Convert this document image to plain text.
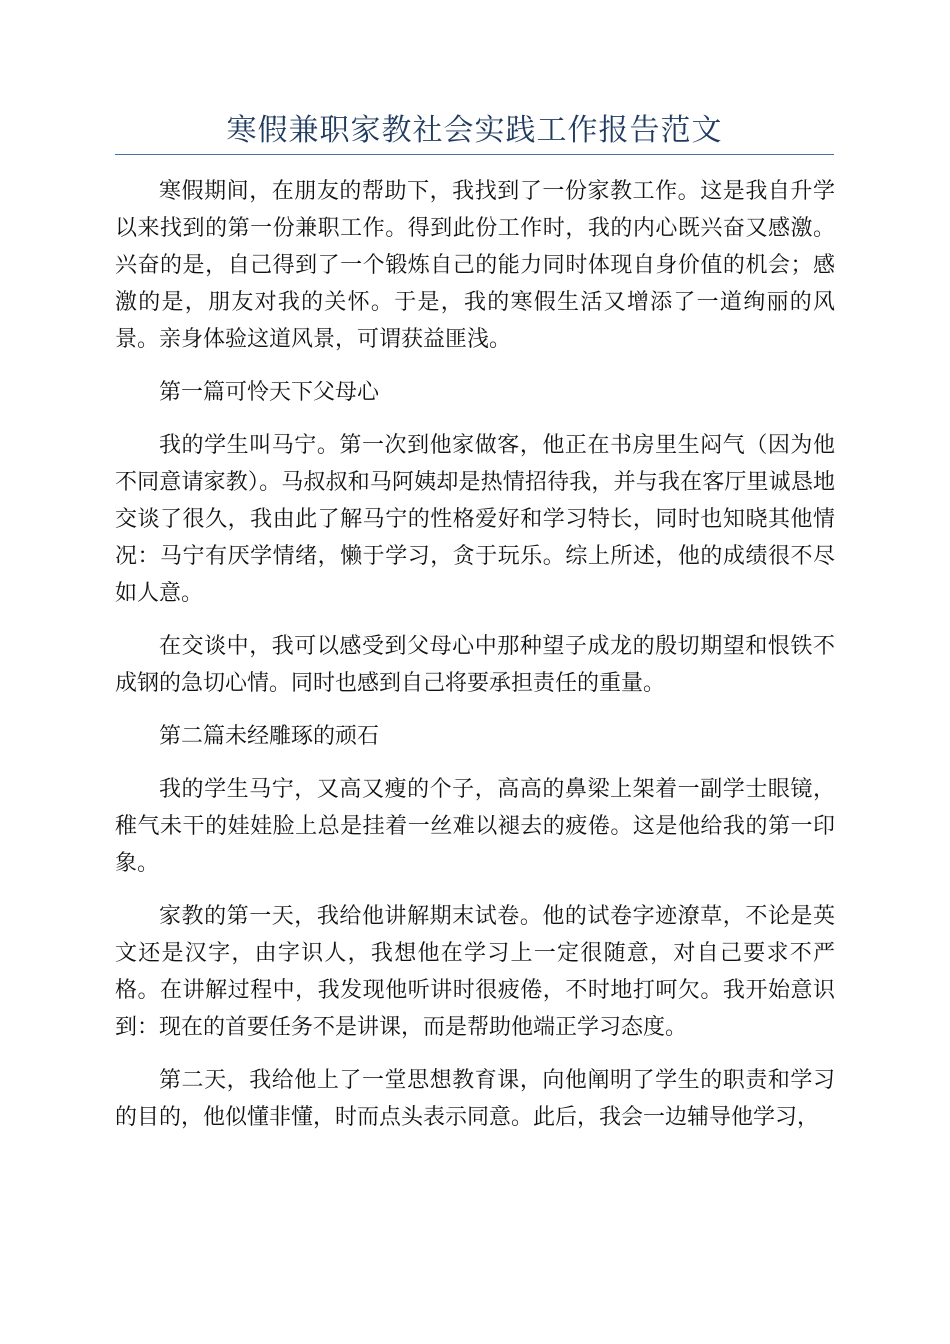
寒假兼职家教社会实践工作报告范文

寒假期间，在朋友的帮助下，我找到了一份家教工作。这是我自升学以来找到的第一份兼职工作。得到此份工作时，我的内心既兴奋又感激。兴奋的是，自己得到了一个锻炼自己的能力同时体现自身价值的机会；感激的是，朋友对我的关怀。于是，我的寒假生活又增添了一道绚丽的风景。亲身体验这道风景，可谓获益匪浅。

第一篇可怜天下父母心

我的学生叫马宁。第一次到他家做客，他正在书房里生闷气（因为他不同意请家教）。马叔叔和马阿姨却是热情招待我，并与我在客厅里诚恳地交谈了很久，我由此了解马宁的性格爱好和学习特长，同时也知晓其他情况：马宁有厌学情绪，懒于学习，贪于玩乐。综上所述，他的成绩很不尽如人意。

在交谈中，我可以感受到父母心中那种望子成龙的殷切期望和恨铁不成钢的急切心情。同时也感到自己将要承担责任的重量。

第二篇未经雕琢的顽石

我的学生马宁，又高又瘦的个子，高高的鼻梁上架着一副学士眼镜，稚气未干的娃娃脸上总是挂着一丝难以褪去的疲倦。这是他给我的第一印象。

家教的第一天，我给他讲解期末试卷。他的试卷字迹潦草，不论是英文还是汉字，由字识人，我想他在学习上一定很随意，对自己要求不严格。在讲解过程中，我发现他听讲时很疲倦，不时地打呵欠。我开始意识到：现在的首要任务不是讲课，而是帮助他端正学习态度。

第二天，我给他上了一堂思想教育课，向他阐明了学生的职责和学习的目的，他似懂非懂，时而点头表示同意。此后，我会一边辅导他学习，
